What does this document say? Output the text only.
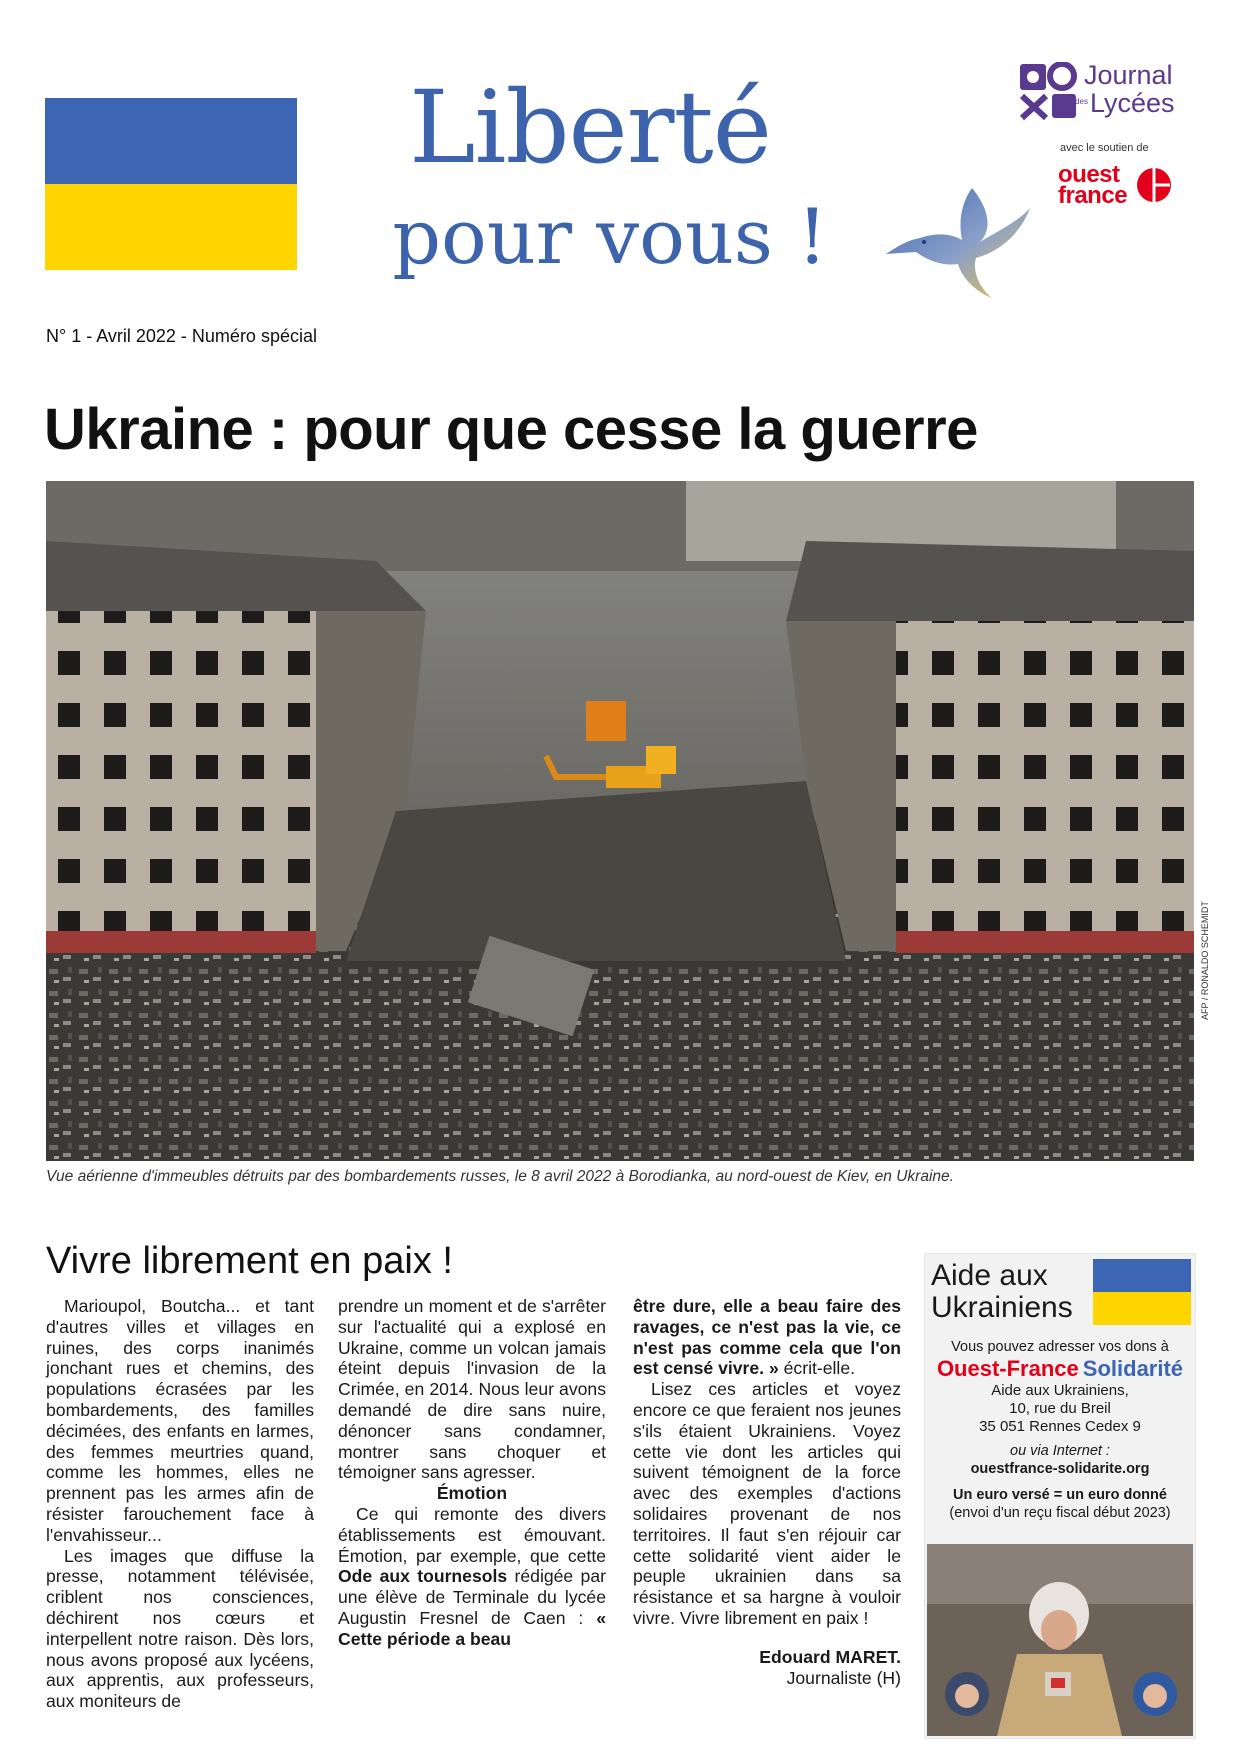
Liberté
pour vous !
Journal
des Lycées
avec le soutien de
ouest
france
N° 1 - Avril 2022 - Numéro spécial
Ukraine : pour que cesse la guerre
AFP / RONALDO SCHEMIDT
Vue aérienne d'immeubles détruits par des bombardements russes, le 8 avril 2022 à Borodianka, au nord-ouest de Kiev, en Ukraine.
Vivre librement en paix !

Marioupol, Boutcha... et tant d'autres villes et villages en ruines, des corps inanimés jonchant rues et chemins, des populations écrasées par les bombardements, des familles décimées, des enfants en larmes, des femmes meurtries quand, comme les hommes, elles ne prennent pas les armes afin de résister farouchement face à l'envahisseur...

Les images que diffuse la presse, notamment télévisée, criblent nos consciences, déchirent nos cœurs et interpellent notre raison. Dès lors, nous avons proposé aux lycéens, aux apprentis, aux professeurs, aux moniteurs de

prendre un moment et de s'arrêter sur l'actualité qui a explosé en Ukraine, comme un volcan jamais éteint depuis l'invasion de la Crimée, en 2014. Nous leur avons demandé de dire sans nuire, dénoncer sans condamner, montrer sans choquer et témoigner sans agresser.

Émotion

Ce qui remonte des divers établissements est émouvant. Émotion, par exemple, que cette Ode aux tournesols rédigée par une élève de Terminale du lycée Augustin Fresnel de Caen : « Cette période a beau

être dure, elle a beau faire des ravages, ce n'est pas la vie, ce n'est pas comme cela que l'on est censé vivre. » écrit-elle.

Lisez ces articles et voyez encore ce que feraient nos jeunes s'ils étaient Ukrainiens. Voyez cette vie dont les articles qui suivent témoignent de la force avec des exemples d'actions solidaires provenant de nos territoires. Il faut s'en réjouir car cette solidarité vient aider le peuple ukrainien dans sa résistance et sa hargne à vouloir vivre. Vivre librement en paix !

Edouard MARET.
Journaliste (H)
Aide aux
Ukrainiens
Vous pouvez adresser vos dons à
Ouest-France Solidarité
Aide aux Ukrainiens,
10, rue du Breil
35 051 Rennes Cedex 9
ou via Internet :
ouestfrance-solidarite.org
Un euro versé = un euro donné
(envoi d'un reçu fiscal début 2023)
